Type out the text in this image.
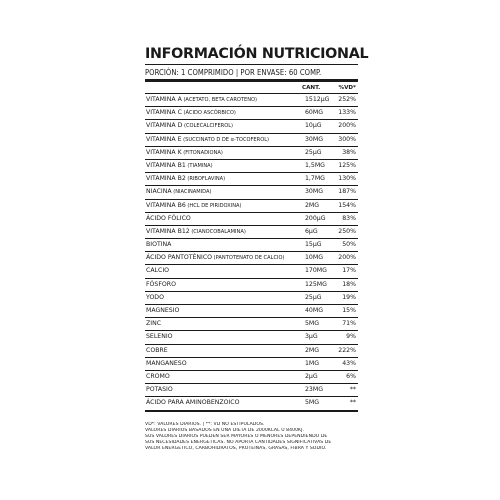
INFORMACIÓN NUTRICIONAL
PORCIÓN: 1 COMPRIMIDO | POR ENVASE: 60 COMP.
CANT.	%VD*
VITAMINA A (ACETATO, BETA CAROTENO)	1512µG 252%
VITAMINA C (ÁCIDO ASCÓRBICO)	60MG 133%
VITAMINA D (COLECALCIFEROL)	10µG	200%
VITAMINA E (SUCCINATO D DE α-TOCOFEROL)	30MG 300%
VITAMINA K (FITONADIONA)	25µG	38%
VITAMINA B1 (TIAMINA)	1,5MG 125%
VITAMINA B2 (RIBOFLAVINA)	1,7MG 130%
NIACINA (NIACINAMIDA)	30MG 187%
VITAMINA B6 (HCL DE PIRIDOXINA)	2MG	154%
ÁCIDO FÓLICO	200µG	83%
VITAMINA B12 (CIANOCOBALAMINA)	6µG	250%
BIOTINA	15µG	50%
ÁCIDO PANTOTÉNICO (PANTOTENATO DE CALCIO)	10MG 200%
CALCIO	170MG 17%
FÓSFORO	125MG 18%
YODO	25µG	19%
MAGNESIO	40MG	15%
ZINC	5MG	71%
SELENIO	3µG	9%
COBRE	2MG	222%
MANGANESO	1MG	43%
CROMO	2µG	6%
POTASIO	23MG	**
ÁCIDO PARA AMINOBENZOICO	5MG	**
VD*: VALORES DIARIOS. | **: VD NO ESTIPULADOS.
VALORES DIARIOS BASADOS EN UNA DIETA DE 2000KCAL U 8400KJ.
SUS VALORES DIARIOS PUEDEN SER MAYORES O MENORES DEPENDIENDO DE
SUS NECESIDADES ENERGÉTICAS. NO APORTA CANTIDADES SIGNIFICATIVAS DE
VALOR ENERGÉTICO, CARBOHIDRATOS, PROTEÍNAS, GRASAS, FIBRA Y SODIO.
